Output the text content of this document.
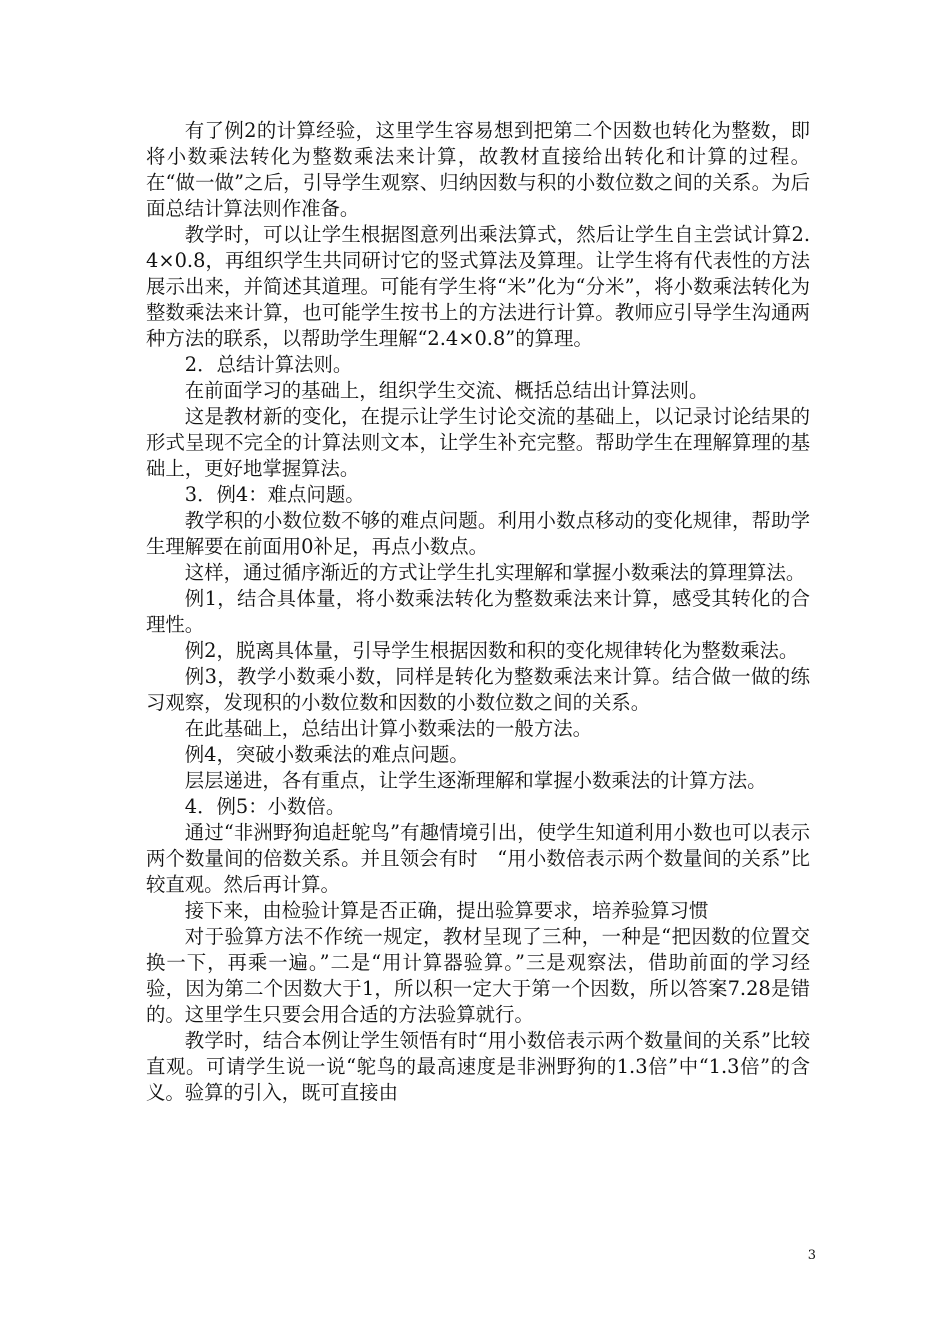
有了例2的计算经验，这里学生容易想到把第二个因数也转化为整数，即将小数乘法转化为整数乘法来计算，故教材直接给出转化和计算的过程。在“做一做”之后，引导学生观察、归纳因数与积的小数位数之间的关系。为后面总结计算法则作准备。

教学时，可以让学生根据图意列出乘法算式，然后让学生自主尝试计算2.4×0.8，再组织学生共同研讨它的竖式算法及算理。让学生将有代表性的方法展示出来，并简述其道理。可能有学生将“米”化为“分米”，将小数乘法转化为整数乘法来计算，也可能学生按书上的方法进行计算。教师应引导学生沟通两种方法的联系，以帮助学生理解“2.4×0.8”的算理。

2．总结计算法则。

在前面学习的基础上，组织学生交流、概括总结出计算法则。

这是教材新的变化，在提示让学生讨论交流的基础上，以记录讨论结果的形式呈现不完全的计算法则文本，让学生补充完整。帮助学生在理解算理的基础上，更好地掌握算法。

3．例4：难点问题。

教学积的小数位数不够的难点问题。利用小数点移动的变化规律，帮助学生理解要在前面用0补足，再点小数点。

这样，通过循序渐近的方式让学生扎实理解和掌握小数乘法的算理算法。

例1，结合具体量，将小数乘法转化为整数乘法来计算，感受其转化的合理性。

例2，脱离具体量，引导学生根据因数和积的变化规律转化为整数乘法。

例3，教学小数乘小数，同样是转化为整数乘法来计算。结合做一做的练习观察，发现积的小数位数和因数的小数位数之间的关系。

在此基础上，总结出计算小数乘法的一般方法。

例4，突破小数乘法的难点问题。

层层递进，各有重点，让学生逐渐理解和掌握小数乘法的计算方法。

4．例5：小数倍。

通过“非洲野狗追赶鸵鸟”有趣情境引出，使学生知道利用小数也可以表示两个数量间的倍数关系。并且领会有时　“用小数倍表示两个数量间的关系”比较直观。然后再计算。

接下来，由检验计算是否正确，提出验算要求，培养验算习惯

对于验算方法不作统一规定，教材呈现了三种，一种是“把因数的位置交换一下，再乘一遍。”二是“用计算器验算。”三是观察法，借助前面的学习经验，因为第二个因数大于1，所以积一定大于第一个因数，所以答案7.28是错的。这里学生只要会用合适的方法验算就行。

教学时，结合本例让学生领悟有时“用小数倍表示两个数量间的关系”比较直观。可请学生说一说“鸵鸟的最高速度是非洲野狗的1.3倍”中“1.3倍”的含义。验算的引入，既可直接由

3
